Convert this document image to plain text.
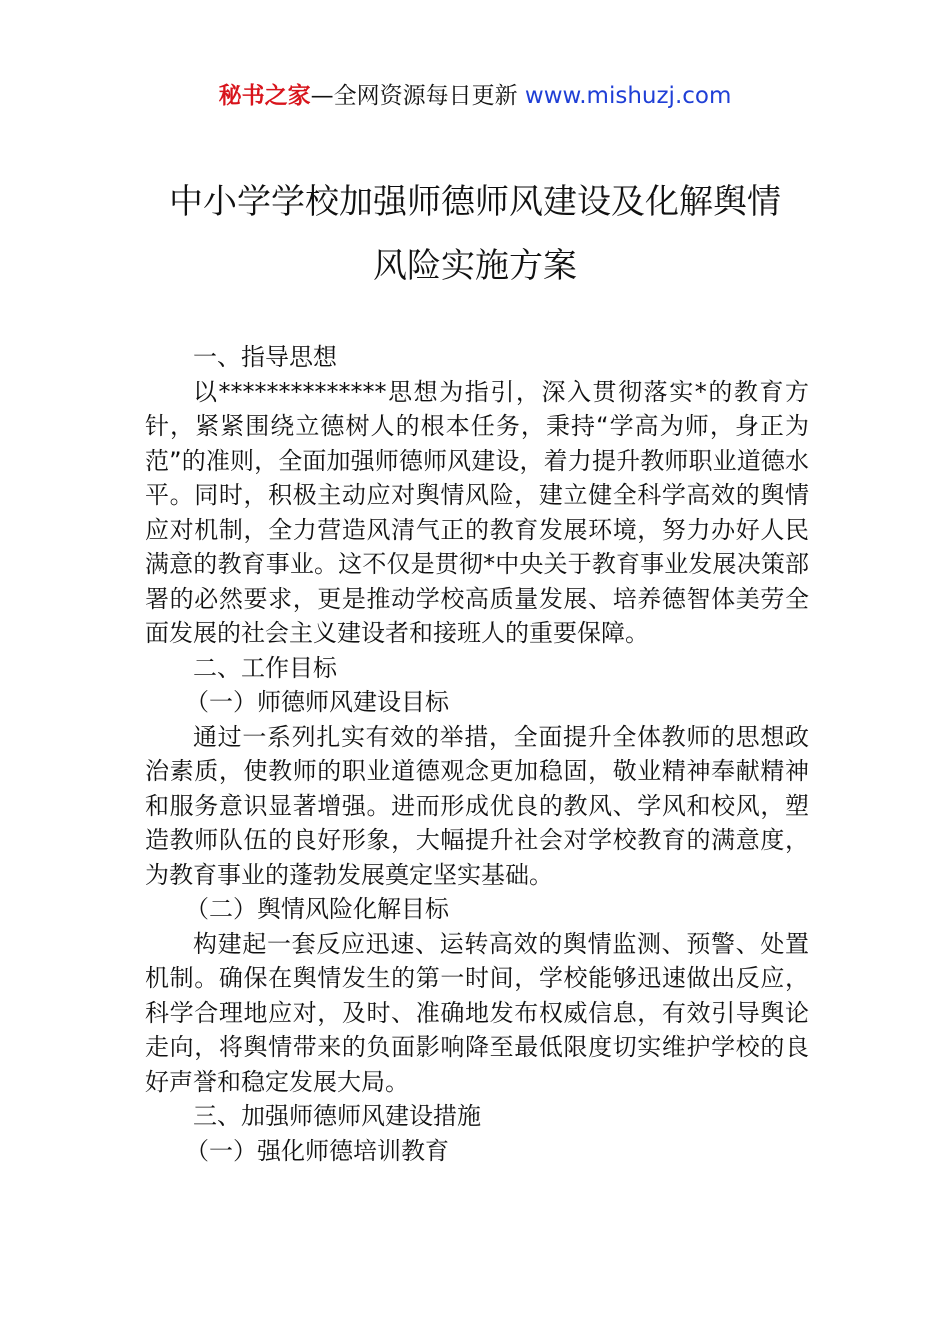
秘书之家—全网资源每日更新 www.mishuzj.com
中小学学校加强师德师风建设及化解舆情
风险实施方案

一、指导思想

以**************思想为指引，深入贯彻落实*的教育方针，紧紧围绕立德树人的根本任务，秉持“学高为师，身正为范”的准则，全面加强师德师风建设，着力提升教师职业道德水平。同时，积极主动应对舆情风险，建立健全科学高效的舆情应对机制，全力营造风清气正的教育发展环境，努力办好人民满意的教育事业。这不仅是贯彻*中央关于教育事业发展决策部署的必然要求，更是推动学校高质量发展、培养德智体美劳全面发展的社会主义建设者和接班人的重要保障。

二、工作目标

（一）师德师风建设目标

通过一系列扎实有效的举措，全面提升全体教师的思想政治素质，使教师的职业道德观念更加稳固，敬业精神奉献精神和服务意识显著增强。进而形成优良的教风、学风和校风，塑造教师队伍的良好形象，大幅提升社会对学校教育的满意度，为教育事业的蓬勃发展奠定坚实基础。

（二）舆情风险化解目标

构建起一套反应迅速、运转高效的舆情监测、预警、处置机制。确保在舆情发生的第一时间，学校能够迅速做出反应，科学合理地应对，及时、准确地发布权威信息，有效引导舆论走向，将舆情带来的负面影响降至最低限度切实维护学校的良好声誉和稳定发展大局。

三、加强师德师风建设措施

（一）强化师德培训教育
